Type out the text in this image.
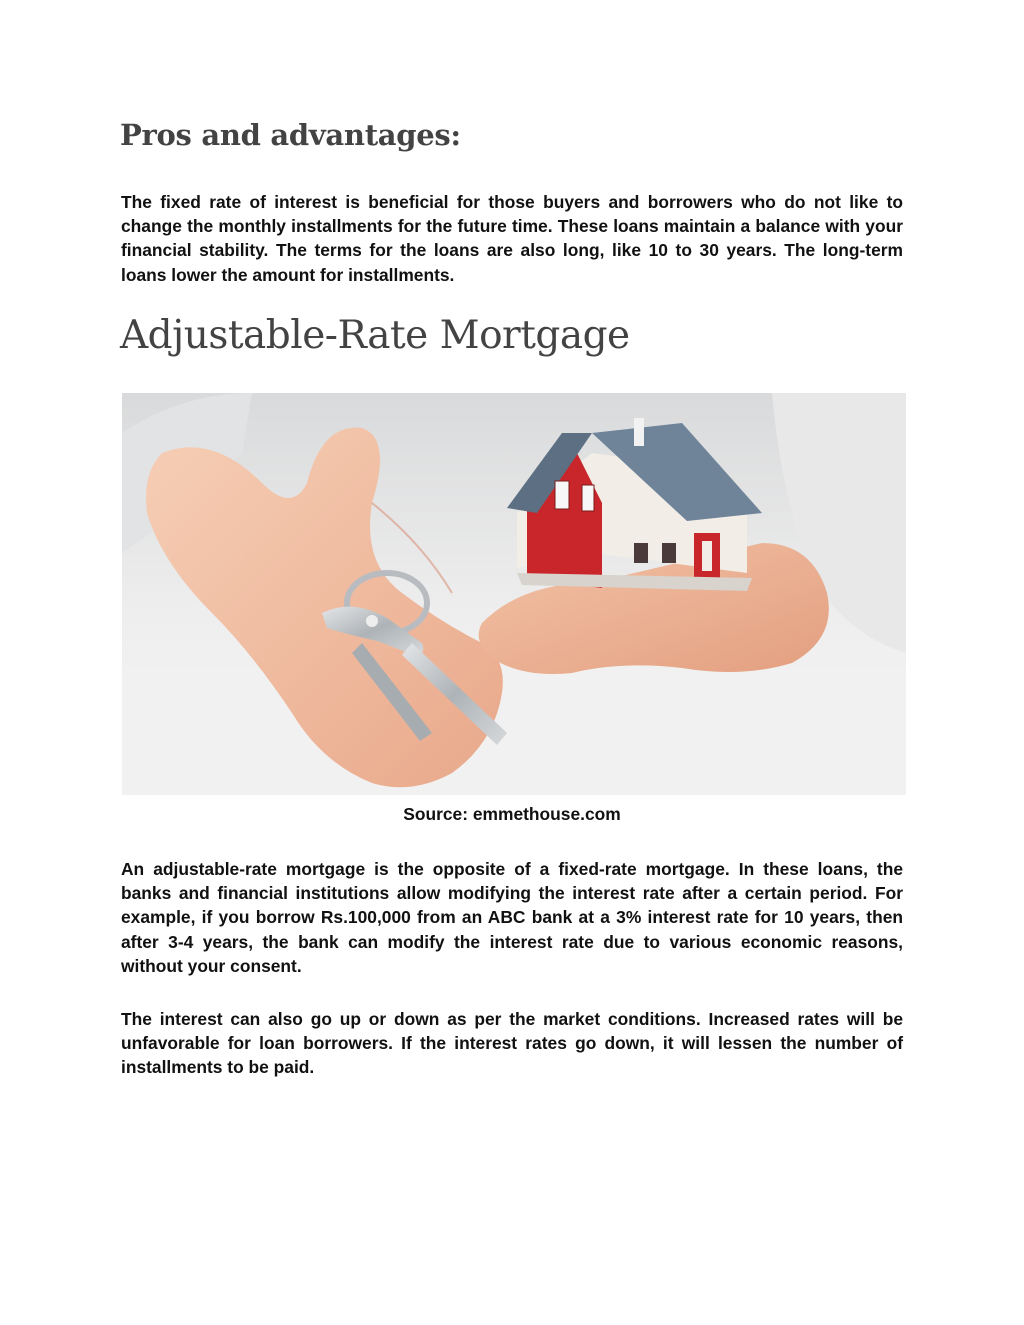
Pros and advantages:

The fixed rate of interest is beneficial for those buyers and borrowers who do not like to change the monthly installments for the future time. These loans maintain a balance with your financial stability. The terms for the loans are also long, like 10 to 30 years. The long-term loans lower the amount for installments.

Adjustable-Rate Mortgage

Source: emmethouse.com

An adjustable-rate mortgage is the opposite of a fixed-rate mortgage. In these loans, the banks and financial institutions allow modifying the interest rate after a certain period. For example, if you borrow Rs.100,000 from an ABC bank at a 3% interest rate for 10 years, then after 3-4 years, the bank can modify the interest rate due to various economic reasons, without your consent.

The interest can also go up or down as per the market conditions. Increased rates will be unfavorable for loan borrowers. If the interest rates go down, it will lessen the number of installments to be paid.
